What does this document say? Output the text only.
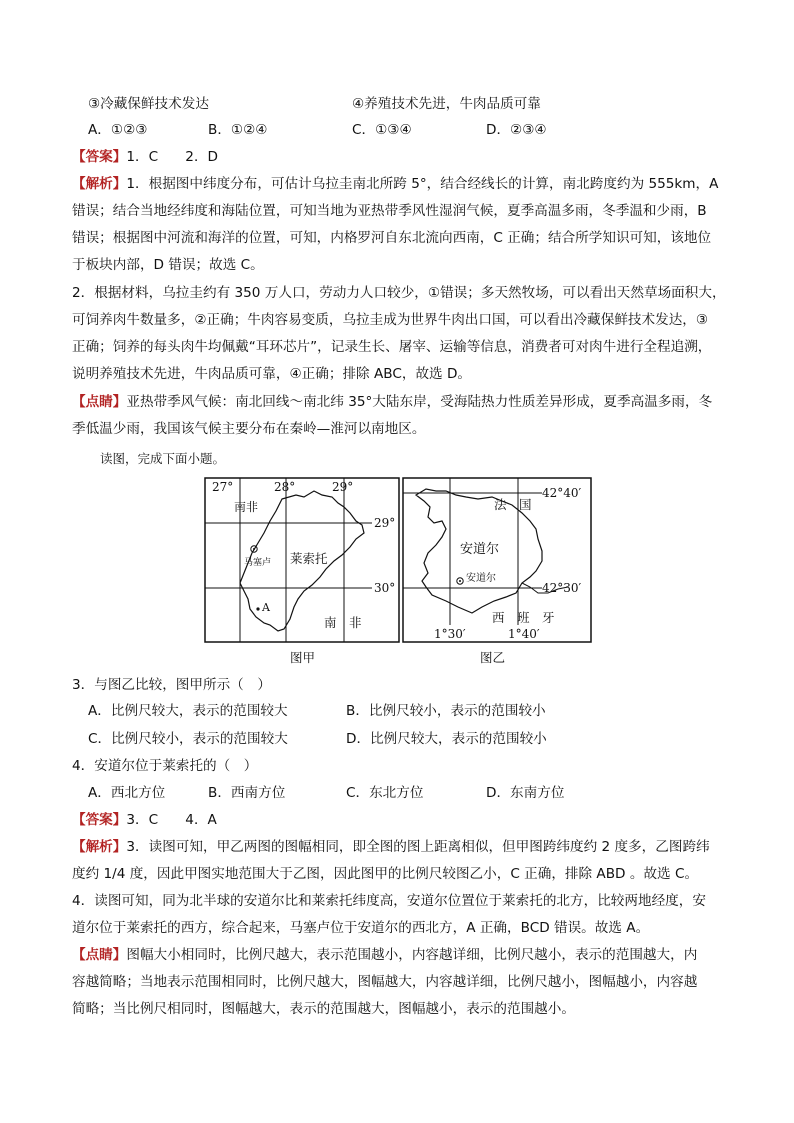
③冷藏保鲜技术发达	④养殖技术先进，牛肉品质可靠
A．①②③	B．①②④	C．①③④	D．②③④
【答案】1．C　　2．D
【解析】1．根据图中纬度分布，可估计乌拉圭南北所跨 5°，结合经线长的计算，南北跨度约为 555km，A
错误；结合当地经纬度和海陆位置，可知当地为亚热带季风性湿润气候，夏季高温多雨，冬季温和少雨，B
错误；根据图中河流和海洋的位置，可知，内格罗河自东北流向西南，C 正确；结合所学知识可知，该地位
于板块内部，D 错误；故选 C。
2．根据材料，乌拉圭约有 350 万人口，劳动力人口较少，①错误；多天然牧场，可以看出天然草场面积大，
可饲养肉牛数量多，②正确；牛肉容易变质，乌拉圭成为世界牛肉出口国，可以看出冷藏保鲜技术发达，③
正确；饲养的每头肉牛均佩戴“耳环芯片”，记录生长、屠宰、运输等信息，消费者可对肉牛进行全程追溯，
说明养殖技术先进，牛肉品质可靠，④正确；排除 ABC，故选 D。
【点睛】亚热带季风气候：南北回线～南北纬 35°大陆东岸，受海陆热力性质差异形成，夏季高温多雨，冬
季低温少雨，我国该气候主要分布在秦岭—淮河以南地区。
读图，完成下面小题。
27°	28°	29°
29°
30°
南非
莱索托
马塞卢
A
南　非
图甲
42°40′
42°30′
1°30′	1°40′
法　国
安道尔
安道尔
西　班　牙
图乙
3．与图乙比较，图甲所示（　）
A．比例尺较大，表示的范围较大	B．比例尺较小，表示的范围较小
C．比例尺较小，表示的范围较大	D．比例尺较大，表示的范围较小
4．安道尔位于莱索托的（　）
A．西北方位	B．西南方位	C．东北方位	D．东南方位
【答案】3．C　　4．A
【解析】3．读图可知，甲乙两图的图幅相同，即全图的图上距离相似，但甲图跨纬度约 2 度多，乙图跨纬
度约 1/4 度，因此甲图实地范围大于乙图，因此图甲的比例尺较图乙小，C 正确，排除 ABD 。故选 C。
4．读图可知，同为北半球的安道尔比和莱索托纬度高，安道尔位置位于莱索托的北方，比较两地经度，安
道尔位于莱索托的西方，综合起来，马塞卢位于安道尔的西北方，A 正确，BCD 错误。故选 A。
【点睛】图幅大小相同时，比例尺越大，表示范围越小，内容越详细，比例尺越小，表示的范围越大，内
容越简略；当地表示范围相同时，比例尺越大，图幅越大，内容越详细，比例尺越小，图幅越小，内容越
简略；当比例尺相同时，图幅越大，表示的范围越大，图幅越小，表示的范围越小。
